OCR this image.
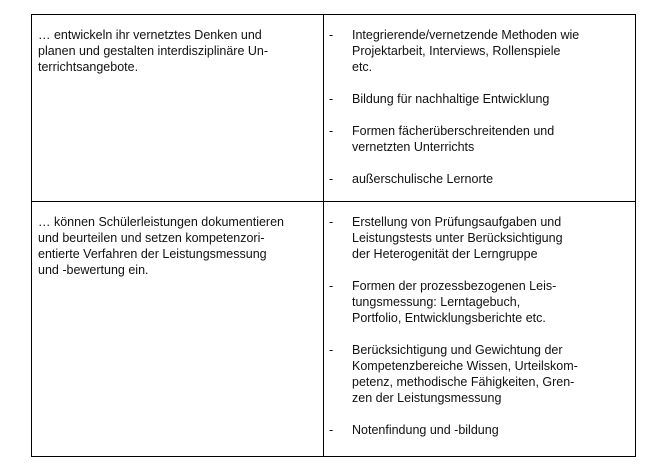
… entwickeln ihr vernetztes Denken und
planen und gestalten interdisziplinäre Un-
terrichtsangebote.

-	Integrierende/vernetzende Methoden wie
Projektarbeit, Interviews, Rollenspiele
etc.
-	Bildung für nachhaltige Entwicklung
-	Formen fächerüberschreitenden und
vernetzten Unterrichts
-	außerschulische Lernorte

… können Schülerleistungen dokumentieren
und beurteilen und setzen kompetenzori-
entierte Verfahren der Leistungsmessung
und -bewertung ein.

-	Erstellung von Prüfungsaufgaben und
Leistungstests unter Berücksichtigung
der Heterogenität der Lerngruppe
-	Formen der prozessbezogenen Leis-
tungsmessung: Lerntagebuch,
Portfolio, Entwicklungsberichte etc.
-	Berücksichtigung und Gewichtung der
Kompetenzbereiche Wissen, Urteilskom-
petenz, methodische Fähigkeiten, Gren-
zen der Leistungsmessung
-	Notenfindung und -bildung
